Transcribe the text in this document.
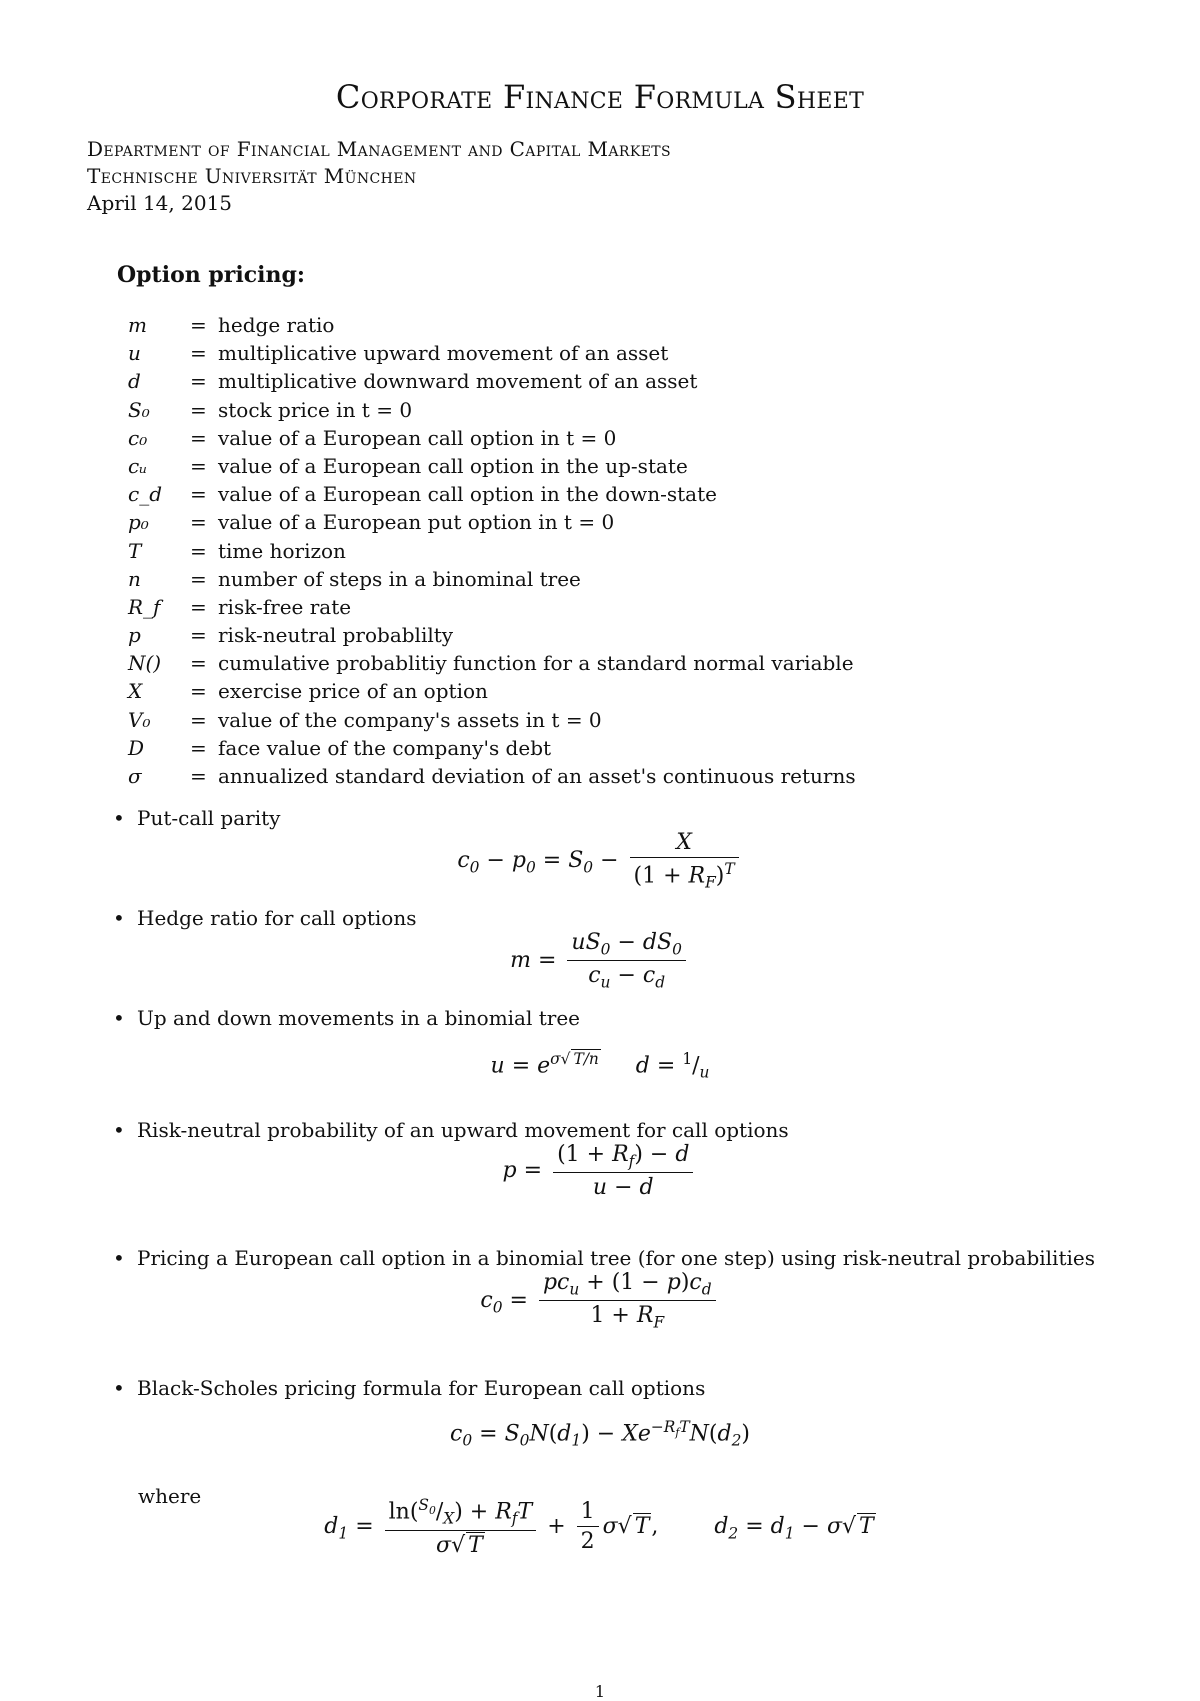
Corporate Finance Formula Sheet
Department of Financial Management and Capital Markets
Technische Universität München
April 14, 2015
Option pricing:
m = hedge ratio
u = multiplicative upward movement of an asset
d = multiplicative downward movement of an asset
S₀ = stock price in t = 0
c₀ = value of a European call option in t = 0
cᵤ = value of a European call option in the up-state
c_d = value of a European call option in the down-state
p₀ = value of a European put option in t = 0
T = time horizon
n = number of steps in a binominal tree
R_f = risk-free rate
p = risk-neutral probablilty
N() = cumulative probablitiy function for a standard normal variable
X = exercise price of an option
V₀ = value of the company's assets in t = 0
D = face value of the company's debt
σ = annualized standard deviation of an asset's continuous returns
• Put-call parity
$c_0 - p_0 = S_0 - \frac{X}{(1 + R_F)^T}$
• Hedge ratio for call options
$m = \frac{uS_0 - dS_0}{c_u - c_d}$
• Up and down movements in a binomial tree
$u = e^{\sigma√ T/n}$     $d = ^1/_u$
• Risk-neutral probability of an upward movement for call options
$p = \frac{(1 + R_f) - d}{u - d}$
• Pricing a European call option in a binomial tree (for one step) using risk-neutral probabilities
$c_0 = \frac{pc_u + (1 - p)c_d}{1 + R_F}$
• Black-Scholes pricing formula for European call options
$c_0 = S_0N(d_1) - Xe^{-R_fT}N(d_2)$
where
$d_1 = \frac{\ln(^{S_0}/_X) + R_fT}{\sigma√ T} + \frac{1}{2} \sigma√$ T,        $d_2 = d_1 - \sigma√$ T
1
